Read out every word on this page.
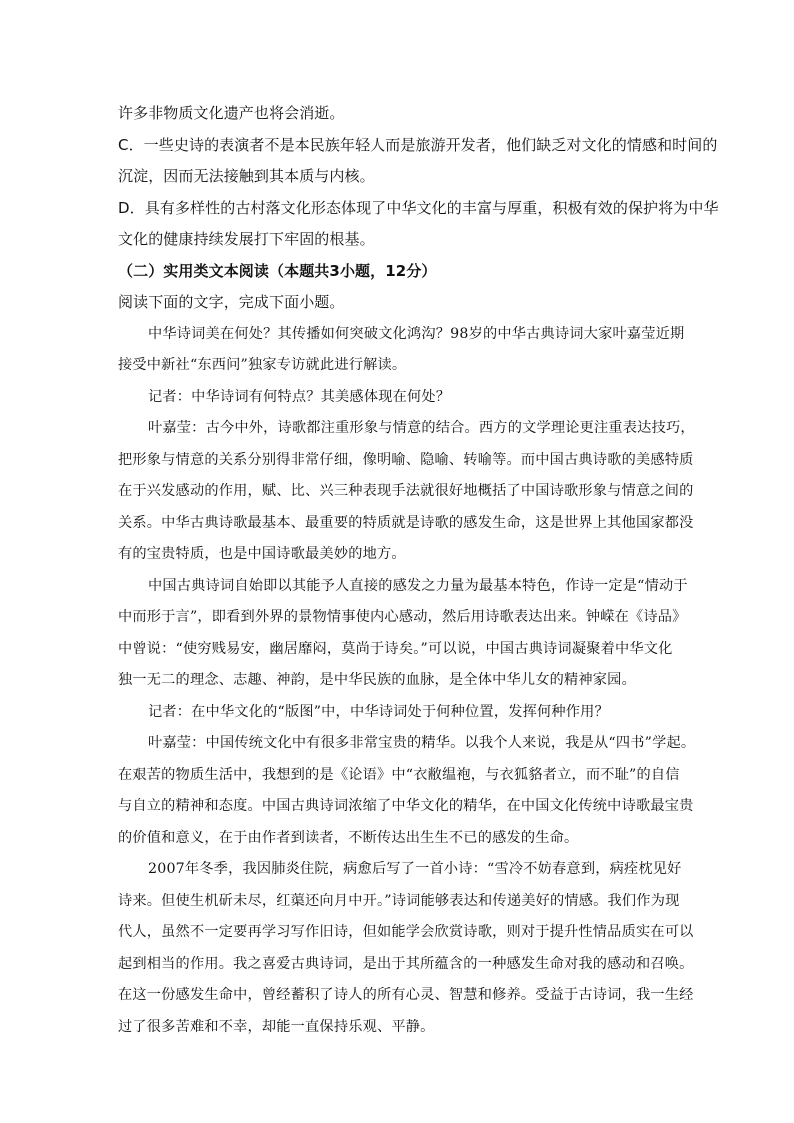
许多非物质文化遗产也将会消逝。

C．一些史诗的表演者不是本民族年轻人而是旅游开发者，他们缺乏对文化的情感和时间的

沉淀，因而无法接触到其本质与内核。

D．具有多样性的古村落文化形态体现了中华文化的丰富与厚重，积极有效的保护将为中华

文化的健康持续发展打下牢固的根基。

（二）实用类文本阅读（本题共3小题，12分）

阅读下面的文字，完成下面小题。

中华诗词美在何处？其传播如何突破文化鸿沟？98岁的中华古典诗词大家叶嘉莹近期

接受中新社“东西问”独家专访就此进行解读。

记者：中华诗词有何特点？其美感体现在何处？

叶嘉莹：古今中外，诗歌都注重形象与情意的结合。西方的文学理论更注重表达技巧，

把形象与情意的关系分别得非常仔细，像明喻、隐喻、转喻等。而中国古典诗歌的美感特质

在于兴发感动的作用，赋、比、兴三种表现手法就很好地概括了中国诗歌形象与情意之间的

关系。中华古典诗歌最基本、最重要的特质就是诗歌的感发生命，这是世界上其他国家都没

有的宝贵特质，也是中国诗歌最美妙的地方。

中国古典诗词自始即以其能予人直接的感发之力量为最基本特色，作诗一定是“情动于

中而形于言”，即看到外界的景物情事使内心感动，然后用诗歌表达出来。钟嵘在《诗品》

中曾说：“使穷贱易安，幽居靡闷，莫尚于诗矣。”可以说，中国古典诗词凝聚着中华文化

独一无二的理念、志趣、神韵，是中华民族的血脉，是全体中华儿女的精神家园。

记者：在中华文化的“版图”中，中华诗词处于何种位置，发挥何种作用？

叶嘉莹：中国传统文化中有很多非常宝贵的精华。以我个人来说，我是从“四书”学起。

在艰苦的物质生活中，我想到的是《论语》中“衣敝缊袍，与衣狐貉者立，而不耻”的自信

与自立的精神和态度。中国古典诗词浓缩了中华文化的精华，在中国文化传统中诗歌最宝贵

的价值和意义，在于由作者到读者，不断传达出生生不已的感发的生命。

2007年冬季，我因肺炎住院，病愈后写了一首小诗：“雪冷不妨春意到，病痊枕见好

诗来。但使生机斫未尽，红蕖还向月中开。”诗词能够表达和传递美好的情感。我们作为现

代人，虽然不一定要再学习写作旧诗，但如能学会欣赏诗歌，则对于提升性情品质实在可以

起到相当的作用。我之喜爱古典诗词，是出于其所蕴含的一种感发生命对我的感动和召唤。

在这一份感发生命中，曾经蓄积了诗人的所有心灵、智慧和修养。受益于古诗词，我一生经

过了很多苦难和不幸，却能一直保持乐观、平静。
